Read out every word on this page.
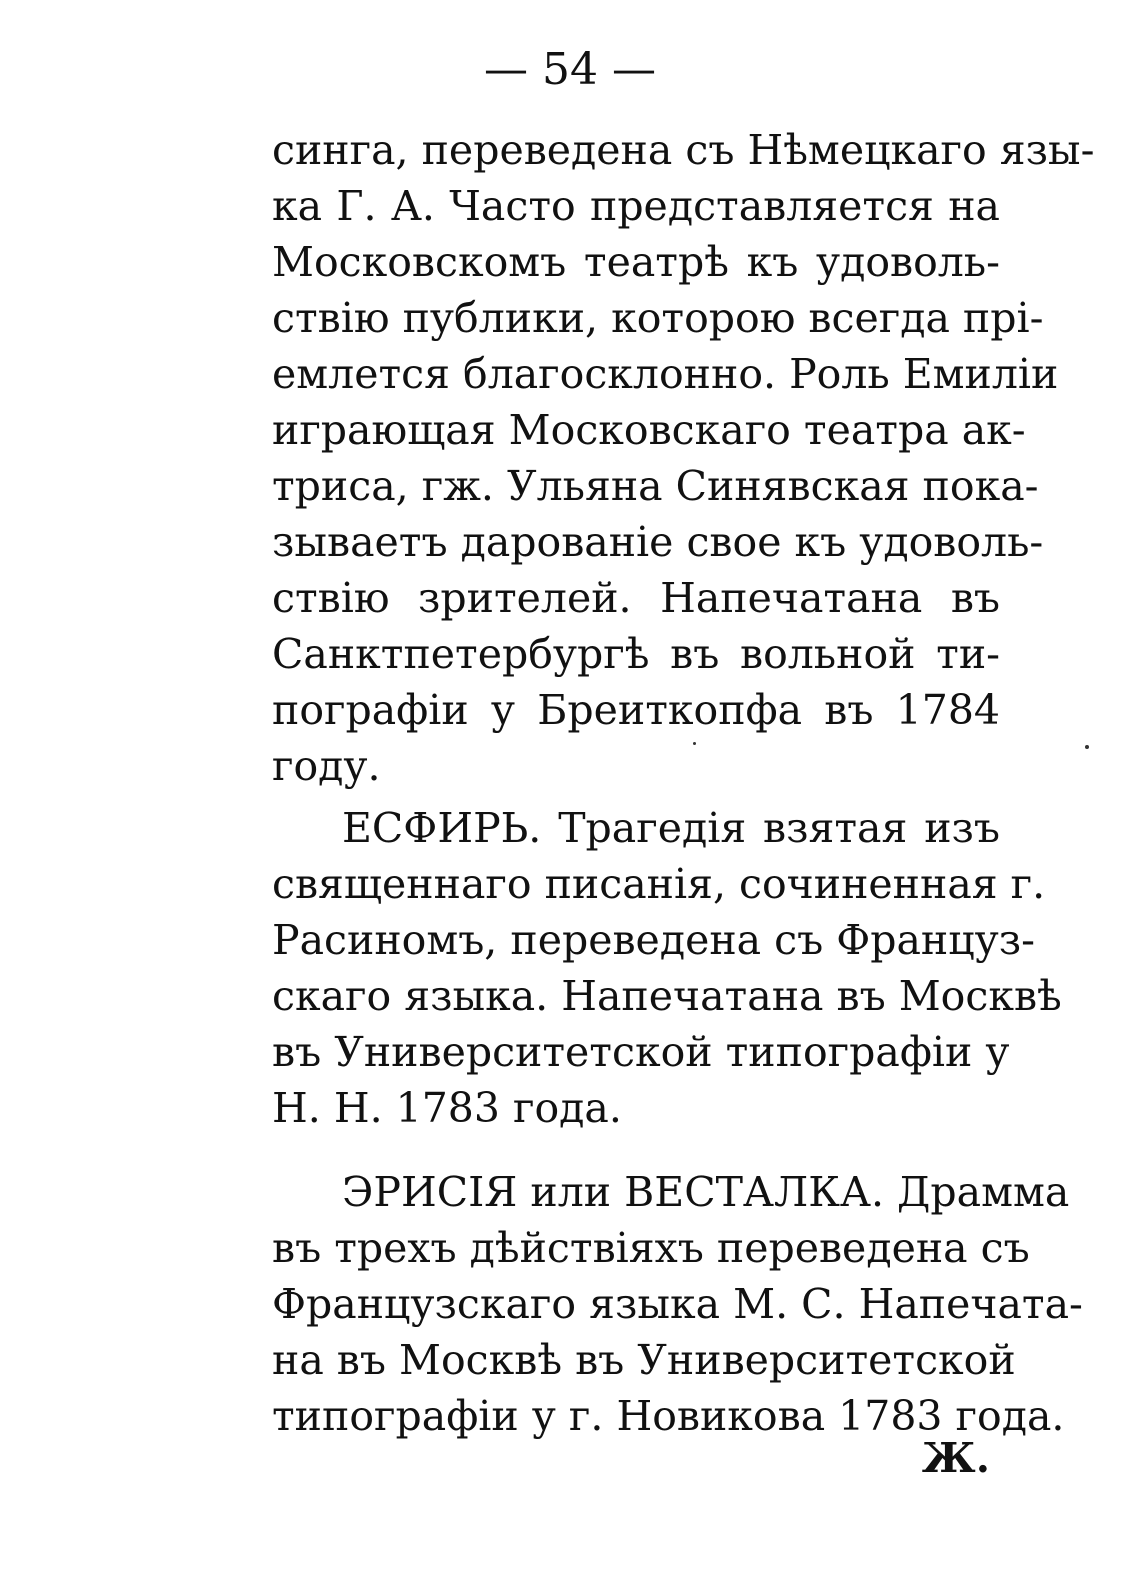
— 54 —
синга, переведена съ Нѣмецкаго язы-
ка Г. А. Часто представляется на
Московскомъ театрѣ къ удоволь-
ствію публики, которою всегда прі-
емлется благосклонно. Роль Емиліи
играющая Московскаго театра ак-
триса, гж. Ульяна Синявская пока-
зываетъ дарованіе свое къ удоволь-
ствію зрителей. Напечатана въ
Санктпетербургѣ въ вольной ти-
пографіи у Бреиткопфа въ 1784
году.
ЕСФИРЬ. Трагедія взятая изъ
священнаго писанія, сочиненная г.
Расиномъ, переведена съ Француз-
скаго языка. Напечатана въ Москвѣ
въ Университетской типографіи у
Н. Н. 1783 года.
ЭРИСІЯ или ВЕСТАЛКА. Драмма
въ трехъ дѣйствіяхъ переведена съ
Французскаго языка М. С. Напечата-
на въ Москвѣ въ Университетской
типографіи у г. Новикова 1783 года.
Ж.
